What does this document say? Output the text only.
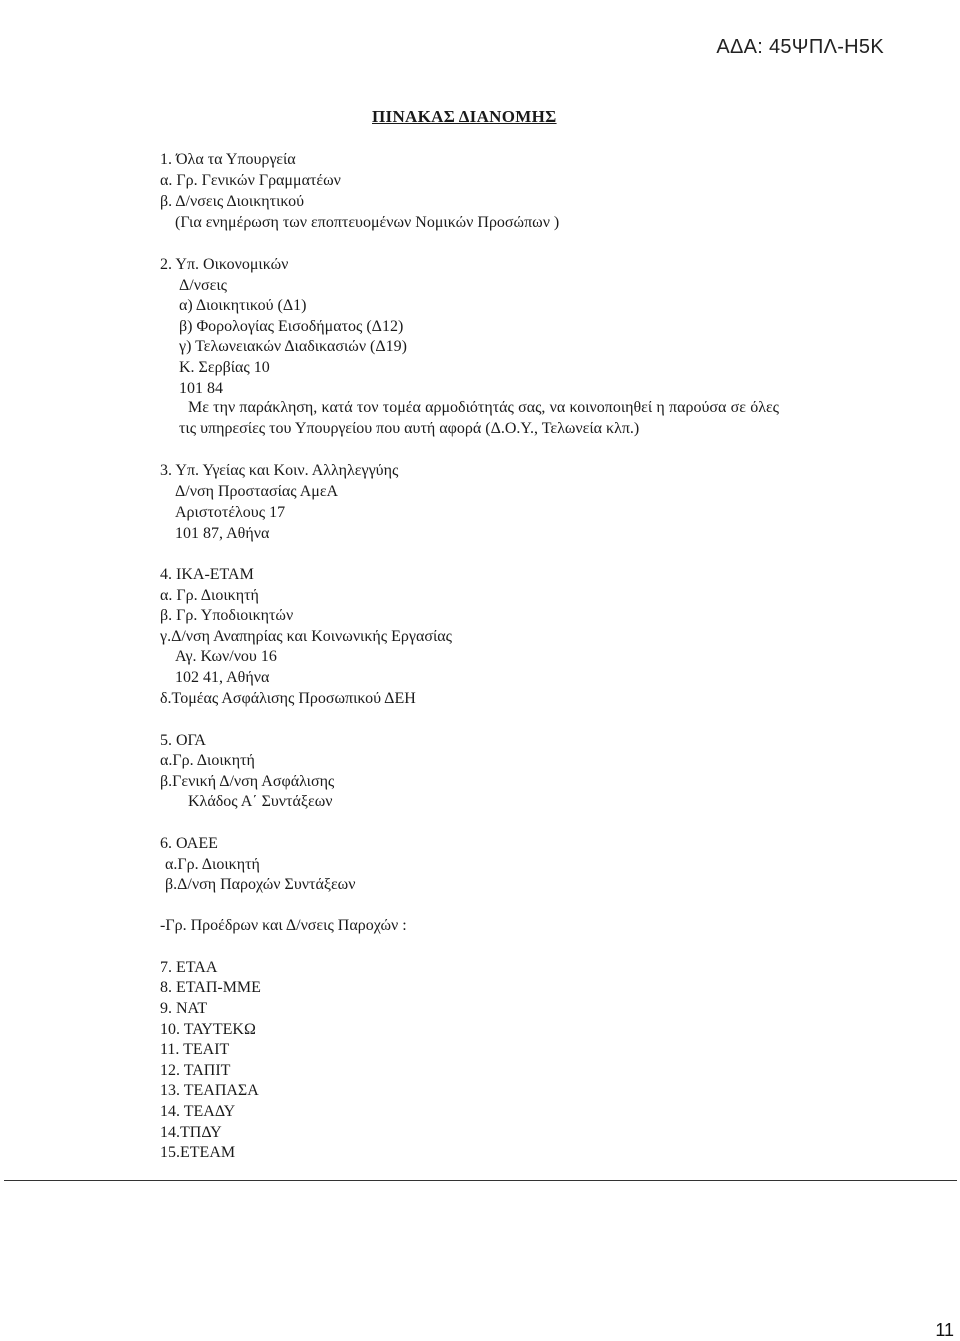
ΑΔΑ: 45ΨΠΛ-Η5Κ
ΠΙΝΑΚΑΣ ΔΙΑΝΟΜΗΣ
1. Όλα τα Υπουργεία
α. Γρ. Γενικών Γραμματέων
β. Δ/νσεις Διοικητικού
(Για ενημέρωση των εποπτευομένων Νομικών Προσώπων )
2. Υπ. Οικονομικών
Δ/νσεις
α) Διοικητικού (Δ1)
β) Φορολογίας Εισοδήματος (Δ12)
γ) Τελωνειακών Διαδικασιών (Δ19)
Κ. Σερβίας 10
101 84
Με την παράκληση, κατά τον τομέα αρμοδιότητάς σας, να κοινοποιηθεί η παρούσα σε όλες τις υπηρεσίες του Υπουργείου που αυτή αφορά (Δ.Ο.Υ., Τελωνεία κλπ.)
3. Υπ. Υγείας και Κοιν. Αλληλεγγύης
Δ/νση Προστασίας ΑμεΑ
Αριστοτέλους 17
101 87, Αθήνα
4. ΙΚΑ-ΕΤΑΜ
α. Γρ. Διοικητή
β. Γρ. Υποδιοικητών
γ.Δ/νση Αναπηρίας και Κοινωνικής Εργασίας
Αγ. Κων/νου 16
102 41, Αθήνα
δ.Τομέας Ασφάλισης Προσωπικού ΔΕΗ
5. ΟΓΑ
α.Γρ. Διοικητή
β.Γενική Δ/νση Ασφάλισης
Κλάδος Α΄ Συντάξεων
6. ΟΑΕΕ
α.Γρ. Διοικητή
β.Δ/νση Παροχών Συντάξεων
-Γρ. Προέδρων και Δ/νσεις Παροχών :
7. ΕΤΑΑ
8. ΕΤΑΠ-ΜΜΕ
9. ΝΑΤ
10. ΤΑΥΤΕΚΩ
11. ΤΕΑΙΤ
12. ΤΑΠΙΤ
13. ΤΕΑΠΑΣΑ
14. ΤΕΑΔΥ
14.ΤΠΔΥ
15.ΕΤΕΑΜ
11
